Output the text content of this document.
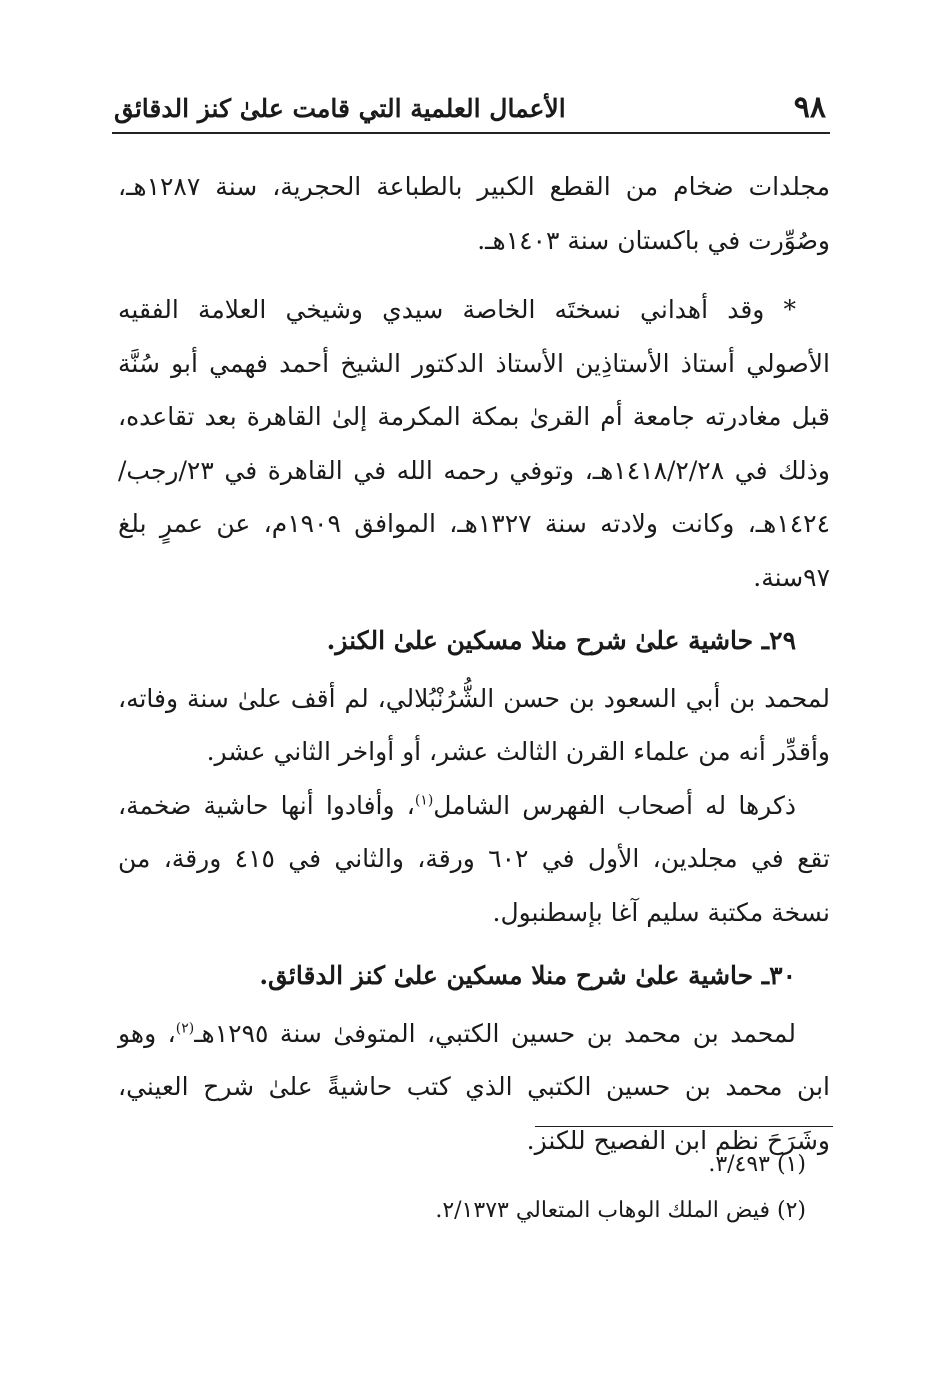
٩٨
الأعمال العلمية التي قامت علىٰ كنز الدقائق

مجلدات ضخام من القطع الكبير بالطباعة الحجرية، سنة ١٢٨٧هـ، وصُوِّرت في باكستان سنة ١٤٠٣هـ.

* وقد أهداني نسختَه الخاصة سيدي وشيخي العلامة الفقيه الأصولي أستاذ الأستاذِين الأستاذ الدكتور الشيخ أحمد فهمي أبو سُنَّة قبل مغادرته جامعة أم القرىٰ بمكة المكرمة إلىٰ القاهرة بعد تقاعده، وذلك في ١٤١٨/٢/٢٨هـ، وتوفي رحمه الله في القاهرة في ٢٣/رجب/١٤٢٤هـ، وكانت ولادته سنة ١٣٢٧هـ، الموافق ١٩٠٩م، عن عمرٍ بلغ ٩٧سنة.

٢٩ـ حاشية علىٰ شرح منلا مسكين علىٰ الكنز.

لمحمد بن أبي السعود بن حسن الشُّرُنْبُلالي، لم أقف علىٰ سنة وفاته، وأقدِّر أنه من علماء القرن الثالث عشر، أو أواخر الثاني عشر.

ذكرها له أصحاب الفهرس الشامل$^{(١)}$، وأفادوا أنها حاشية ضخمة، تقع في مجلدين، الأول في ٦٠٢ ورقة، والثاني في ٤١٥ ورقة، من نسخة مكتبة سليم آغا بإسطنبول.

٣٠ـ حاشية علىٰ شرح منلا مسكين علىٰ كنز الدقائق.

لمحمد بن محمد بن حسين الكتبي، المتوفىٰ سنة ١٢٩٥هـ$^{(٢)}$، وهو ابن محمد بن حسين الكتبي الذي كتب حاشيةً علىٰ شرح العيني، وشَرَحَ نظم ابن الفصيح للكنز.

(١) ٣/٤٩٣.

(٢) فيض الملك الوهاب المتعالي ٢/١٣٧٣.
